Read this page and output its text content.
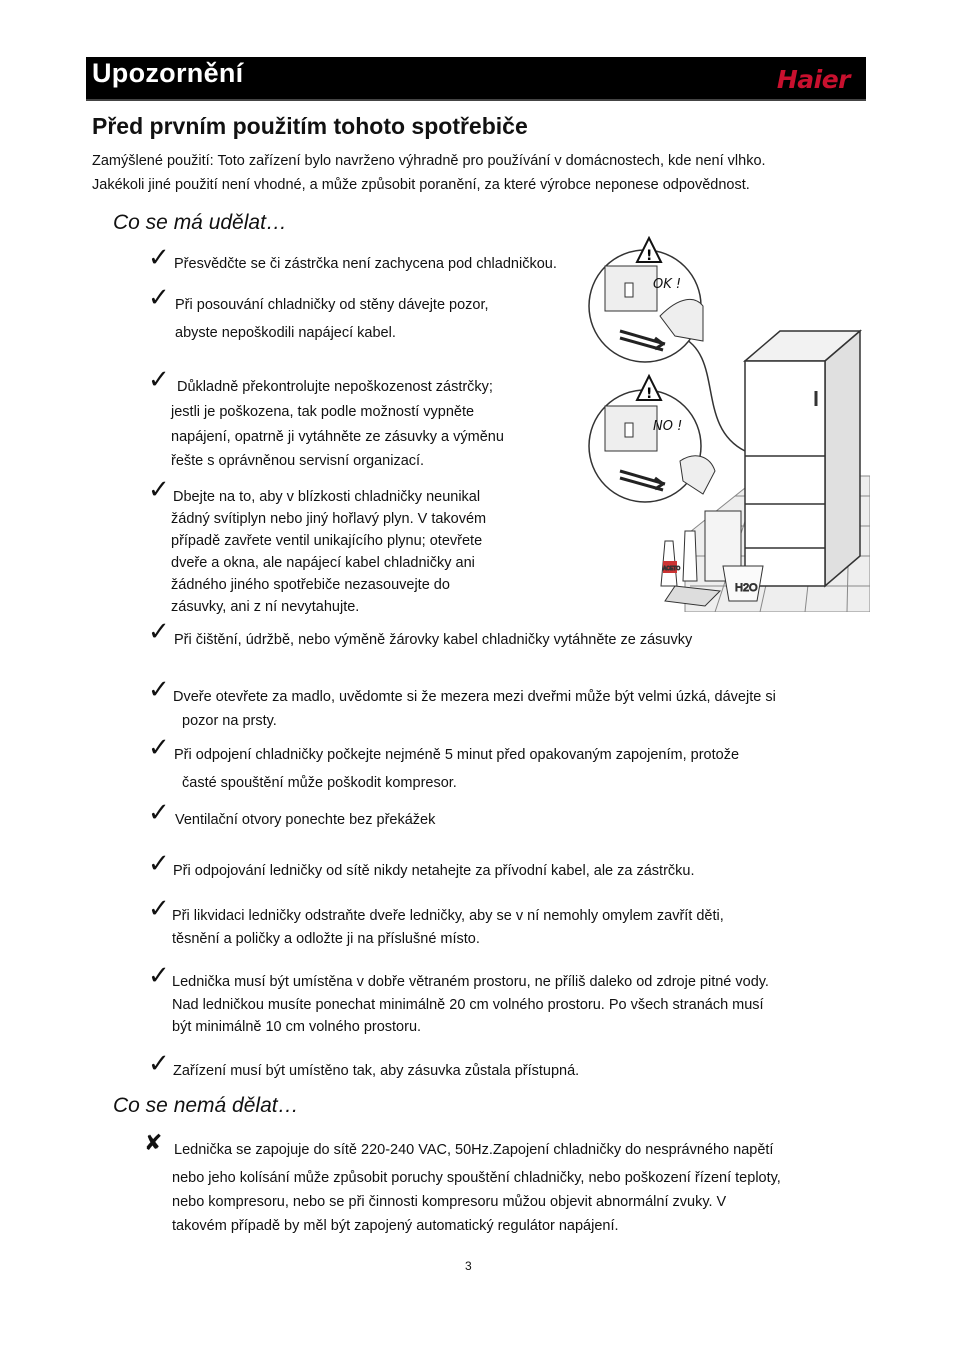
Upozornění	Haier
Před prvním použitím tohoto spotřebiče
Zamýšlené použití: Toto zařízení bylo navrženo výhradně pro používání v domácnostech, kde není vlhko.
Jakékoli jiné použití není vhodné, a může způsobit poranění, za které výrobce neponese odpovědnost.
Co se má udělat…
OK !
!
NO !
!
ACETO
H2O
✓ Přesvědčte se či zástrčka není zachycena pod chladničkou.
✓ Při posouvání chladničky od stěny dávejte pozor,
abyste nepoškodili napájecí kabel.
✓ Důkladně překontrolujte nepoškozenost zástrčky;
jestli je poškozena, tak podle možností vypněte
napájení, opatrně ji vytáhněte ze zásuvky a výměnu
řešte s oprávněnou servisní organizací.
✓ Dbejte na to, aby v blízkosti chladničky neunikal
žádný svítiplyn nebo jiný hořlavý plyn. V takovém
případě zavřete ventil unikajícího plynu; otevřete
dveře a okna, ale napájecí kabel chladničky ani
žádného jiného spotřebiče nezasouvejte do
zásuvky, ani z ní nevytahujte.
✓ Při čištění, údržbě, nebo výměně žárovky kabel chladničky vytáhněte ze zásuvky
✓ Dveře otevřete za madlo, uvědomte si že mezera mezi dveřmi může být velmi úzká, dávejte si
pozor na prsty.
✓ Při odpojení chladničky počkejte nejméně 5 minut před opakovaným zapojením, protože
časté spouštění může poškodit kompresor.
✓ Ventilační otvory ponechte bez překážek
✓ Při odpojování ledničky od sítě nikdy netahejte za přívodní kabel, ale za zástrčku.
✓ Při likvidaci ledničky odstraňte dveře ledničky, aby se v ní nemohly omylem zavřít děti,
těsnění a poličky a odložte ji na příslušné místo.
✓ Lednička musí být umístěna v dobře větraném prostoru, ne příliš daleko od zdroje pitné vody.
Nad ledničkou musíte ponechat minimálně 20 cm volného prostoru. Po všech stranách musí
být minimálně 10 cm volného prostoru.
✓ Zařízení musí být umístěno tak, aby zásuvka zůstala přístupná.
Co se nemá dělat…
✘ Lednička se zapojuje do sítě 220-240 VAC, 50Hz.Zapojení chladničky do nesprávného napětí
nebo jeho kolísání může způsobit poruchy spouštění chladničky, nebo poškození řízení teploty,
nebo kompresoru, nebo se při činnosti kompresoru můžou objevit abnormální zvuky. V
takovém případě by měl být zapojený automatický regulátor napájení.
3
